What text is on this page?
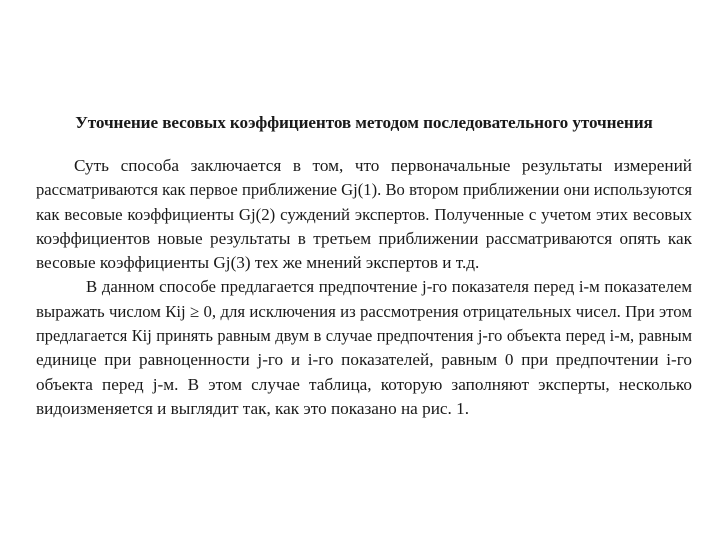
Уточнение весовых коэффициентов методом последовательного уточнения
Суть способа заключается в том, что первоначальные результаты измерений
рассматриваются как первое приближение Gj(1). Во втором приближении они используются
как весовые коэффициенты Gj(2) суждений экспертов. Полученные с учетом этих весовых
коэффициентов новые результаты в третьем приближении рассматриваются опять как
весовые коэффициенты Gj(3) тех же мнений экспертов и т.д.
В данном способе предлагается предпочтение j-го показателя перед i-м показателем
выражать числом Кij ≥ 0, для исключения из рассмотрения отрицательных чисел. При этом
предлагается Кij принять равным двум в случае предпочтения j-го объекта перед i-м, равным
единице при равноценности j-го и i-го показателей, равным 0 при предпочтении i-го
объекта перед j-м. В этом случае таблица, которую заполняют эксперты, несколько
видоизменяется и выглядит так, как это показано на рис. 1.
